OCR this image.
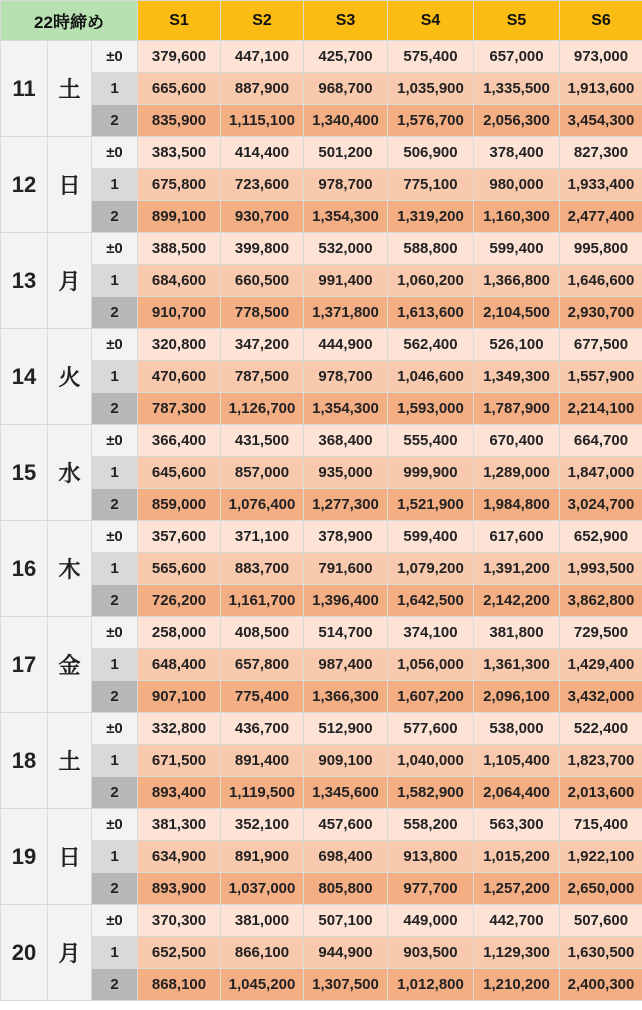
22時締め			S1	S2	S3	S4	S5	S6
11	土	±0	379,600	447,100	425,700	575,400	657,000	973,000
		1	665,600	887,900	968,700	1,035,900	1,335,500	1,913,600
		2	835,900	1,115,100	1,340,400	1,576,700	2,056,300	3,454,300
12	日	±0	383,500	414,400	501,200	506,900	378,400	827,300
		1	675,800	723,600	978,700	775,100	980,000	1,933,400
		2	899,100	930,700	1,354,300	1,319,200	1,160,300	2,477,400
13	月	±0	388,500	399,800	532,000	588,800	599,400	995,800
		1	684,600	660,500	991,400	1,060,200	1,366,800	1,646,600
		2	910,700	778,500	1,371,800	1,613,600	2,104,500	2,930,700
14	火	±0	320,800	347,200	444,900	562,400	526,100	677,500
		1	470,600	787,500	978,700	1,046,600	1,349,300	1,557,900
		2	787,300	1,126,700	1,354,300	1,593,000	1,787,900	2,214,100
15	水	±0	366,400	431,500	368,400	555,400	670,400	664,700
		1	645,600	857,000	935,000	999,900	1,289,000	1,847,000
		2	859,000	1,076,400	1,277,300	1,521,900	1,984,800	3,024,700
16	木	±0	357,600	371,100	378,900	599,400	617,600	652,900
		1	565,600	883,700	791,600	1,079,200	1,391,200	1,993,500
		2	726,200	1,161,700	1,396,400	1,642,500	2,142,200	3,862,800
17	金	±0	258,000	408,500	514,700	374,100	381,800	729,500
		1	648,400	657,800	987,400	1,056,000	1,361,300	1,429,400
		2	907,100	775,400	1,366,300	1,607,200	2,096,100	3,432,000
18	土	±0	332,800	436,700	512,900	577,600	538,000	522,400
		1	671,500	891,400	909,100	1,040,000	1,105,400	1,823,700
		2	893,400	1,119,500	1,345,600	1,582,900	2,064,400	2,013,600
19	日	±0	381,300	352,100	457,600	558,200	563,300	715,400
		1	634,900	891,900	698,400	913,800	1,015,200	1,922,100
		2	893,900	1,037,000	805,800	977,700	1,257,200	2,650,000
20	月	±0	370,300	381,000	507,100	449,000	442,700	507,600
		1	652,500	866,100	944,900	903,500	1,129,300	1,630,500
		2	868,100	1,045,200	1,307,500	1,012,800	1,210,200	2,400,300
